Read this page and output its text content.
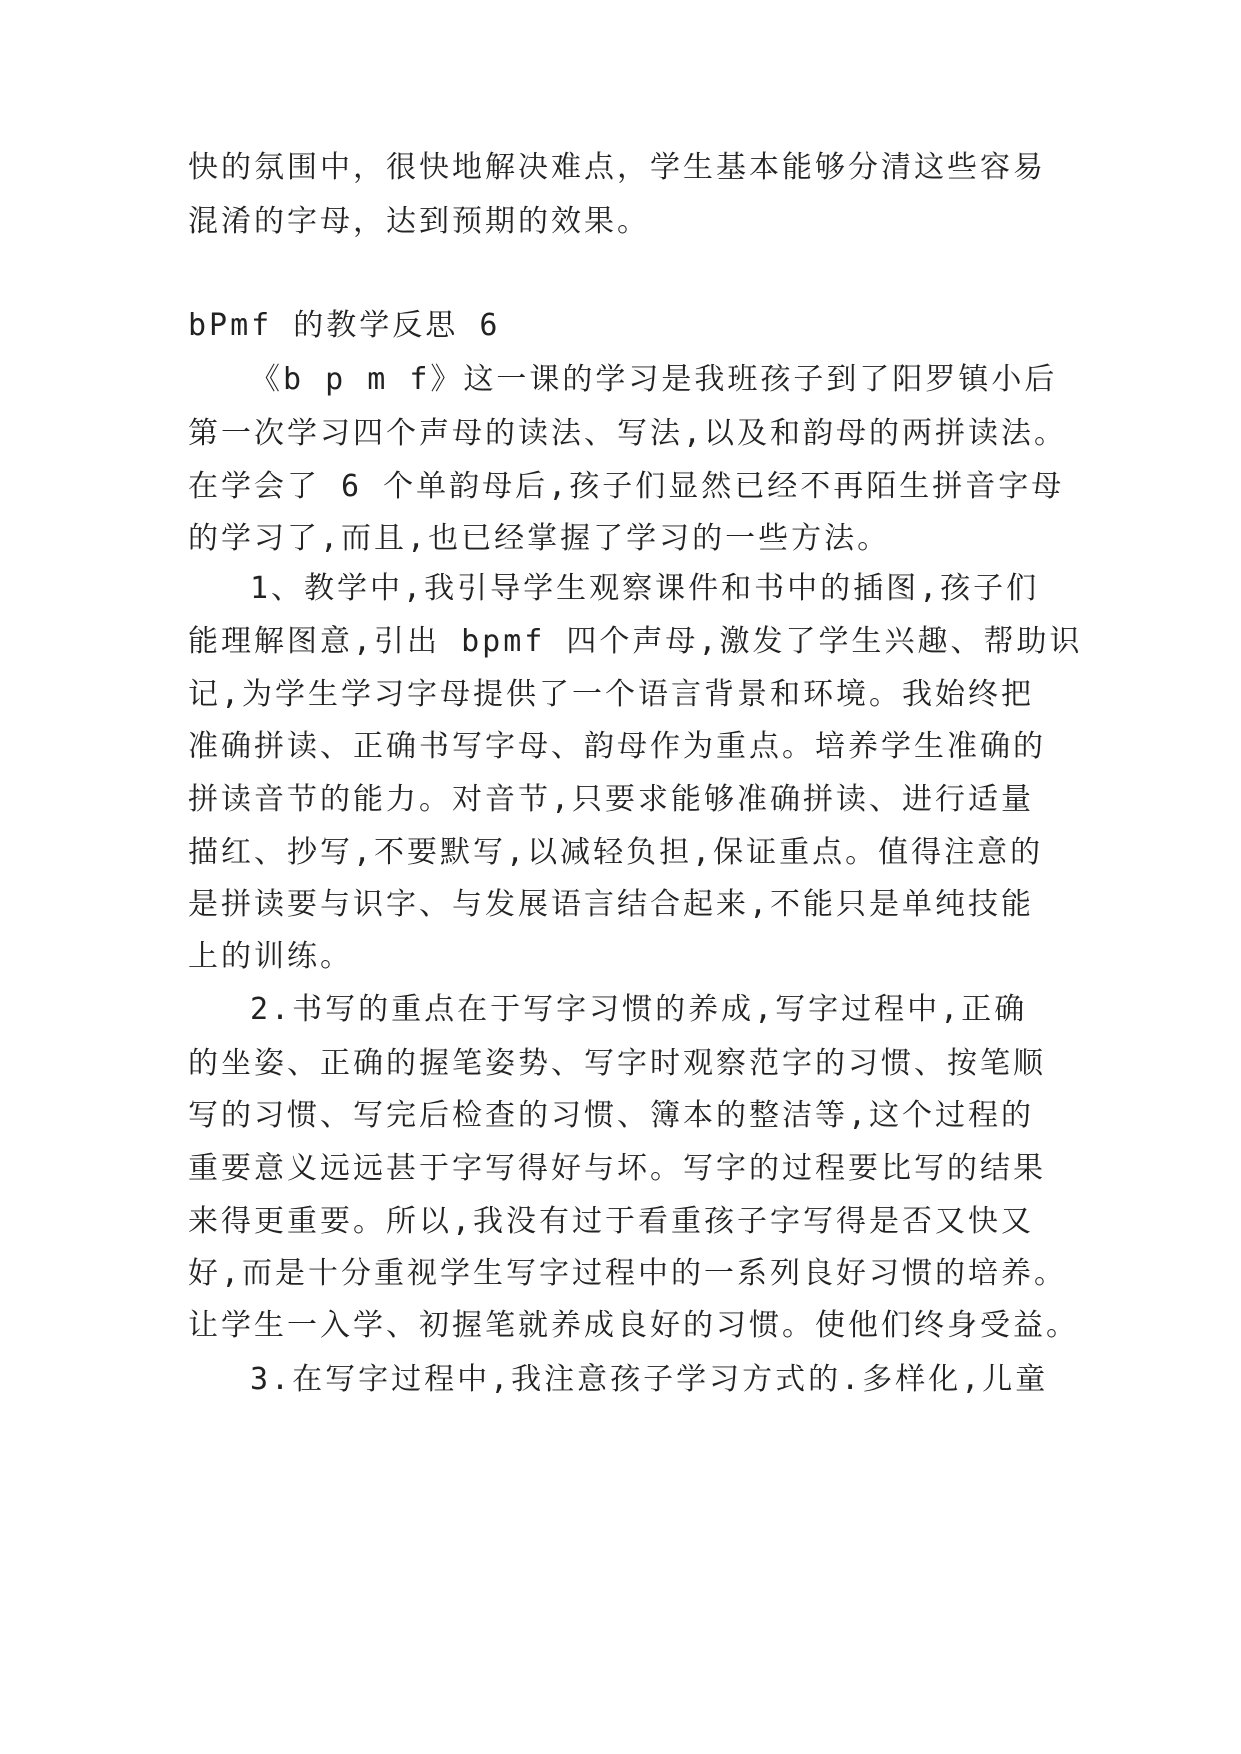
快的氛围中，很快地解决难点，学生基本能够分清这些容易
混淆的字母，达到预期的效果。
bPmf 的教学反思 6
《b p m f》这一课的学习是我班孩子到了阳罗镇小后
第一次学习四个声母的读法、写法,以及和韵母的两拼读法。
在学会了 6 个单韵母后,孩子们显然已经不再陌生拼音字母
的学习了,而且,也已经掌握了学习的一些方法。
1、教学中,我引导学生观察课件和书中的插图,孩子们
能理解图意,引出 bpmf 四个声母,激发了学生兴趣、帮助识
记,为学生学习字母提供了一个语言背景和环境。我始终把
准确拼读、正确书写字母、韵母作为重点。培养学生准确的
拼读音节的能力。对音节,只要求能够准确拼读、进行适量
描红、抄写,不要默写,以减轻负担,保证重点。值得注意的
是拼读要与识字、与发展语言结合起来,不能只是单纯技能
上的训练。
2.书写的重点在于写字习惯的养成,写字过程中,正确
的坐姿、正确的握笔姿势、写字时观察范字的习惯、按笔顺
写的习惯、写完后检查的习惯、簿本的整洁等,这个过程的
重要意义远远甚于字写得好与坏。写字的过程要比写的结果
来得更重要。所以,我没有过于看重孩子字写得是否又快又
好,而是十分重视学生写字过程中的一系列良好习惯的培养。
让学生一入学、初握笔就养成良好的习惯。使他们终身受益。
3.在写字过程中,我注意孩子学习方式的.多样化,儿童
